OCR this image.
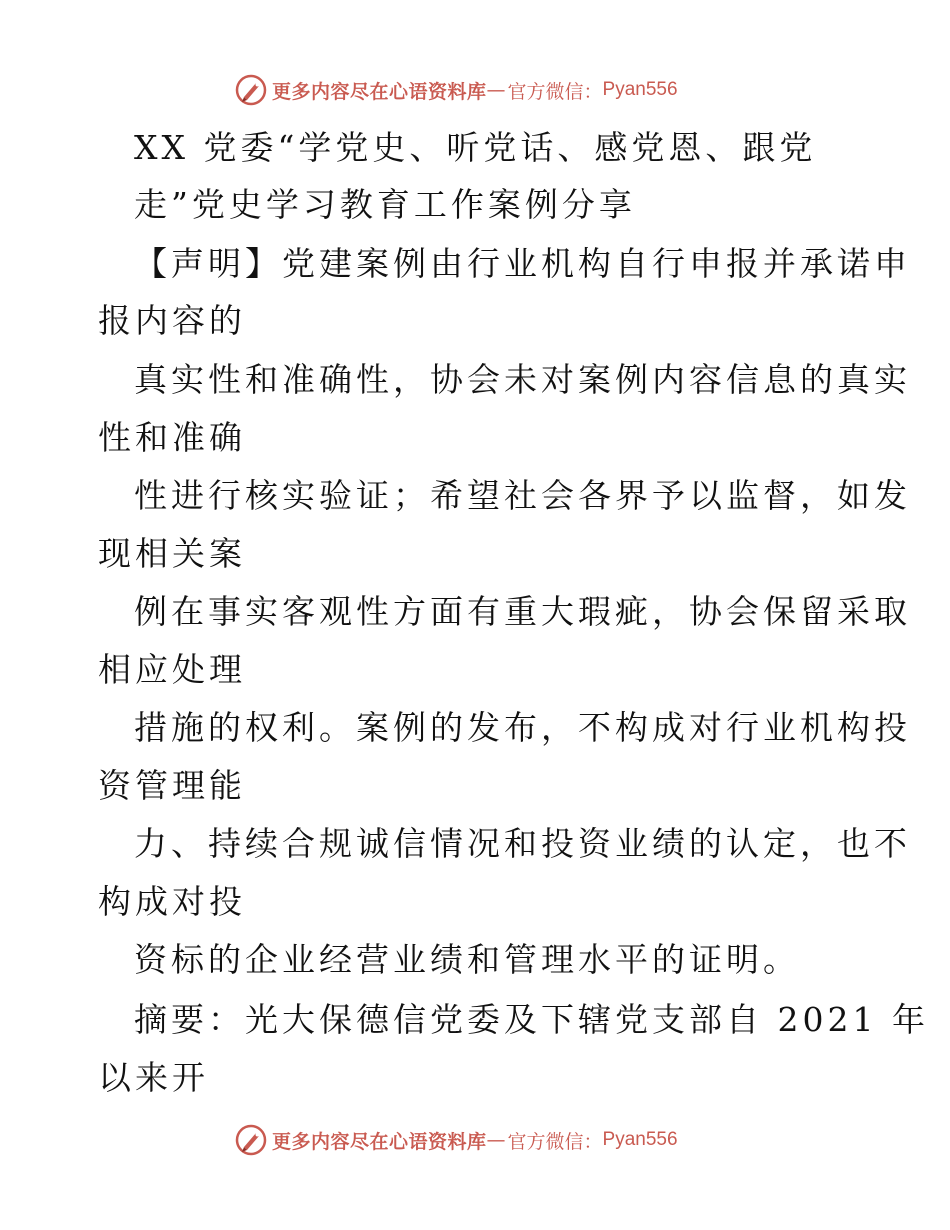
更多内容尽在心语资料库 — 官方微信： Pyan556
XX 党委“学党史、听党话、感党恩、跟党
走”党史学习教育工作案例分享
【声明】党建案例由行业机构自行申报并承诺申
报内容的
真实性和准确性，协会未对案例内容信息的真实
性和准确
性进行核实验证；希望社会各界予以监督，如发
现相关案
例在事实客观性方面有重大瑕疵，协会保留采取
相应处理
措施的权利。案例的发布，不构成对行业机构投
资管理能
力、持续合规诚信情况和投资业绩的认定，也不
构成对投
资标的企业经营业绩和管理水平的证明。
摘要：光大保德信党委及下辖党支部自 2021 年
以来开
更多内容尽在心语资料库 — 官方微信： Pyan556
